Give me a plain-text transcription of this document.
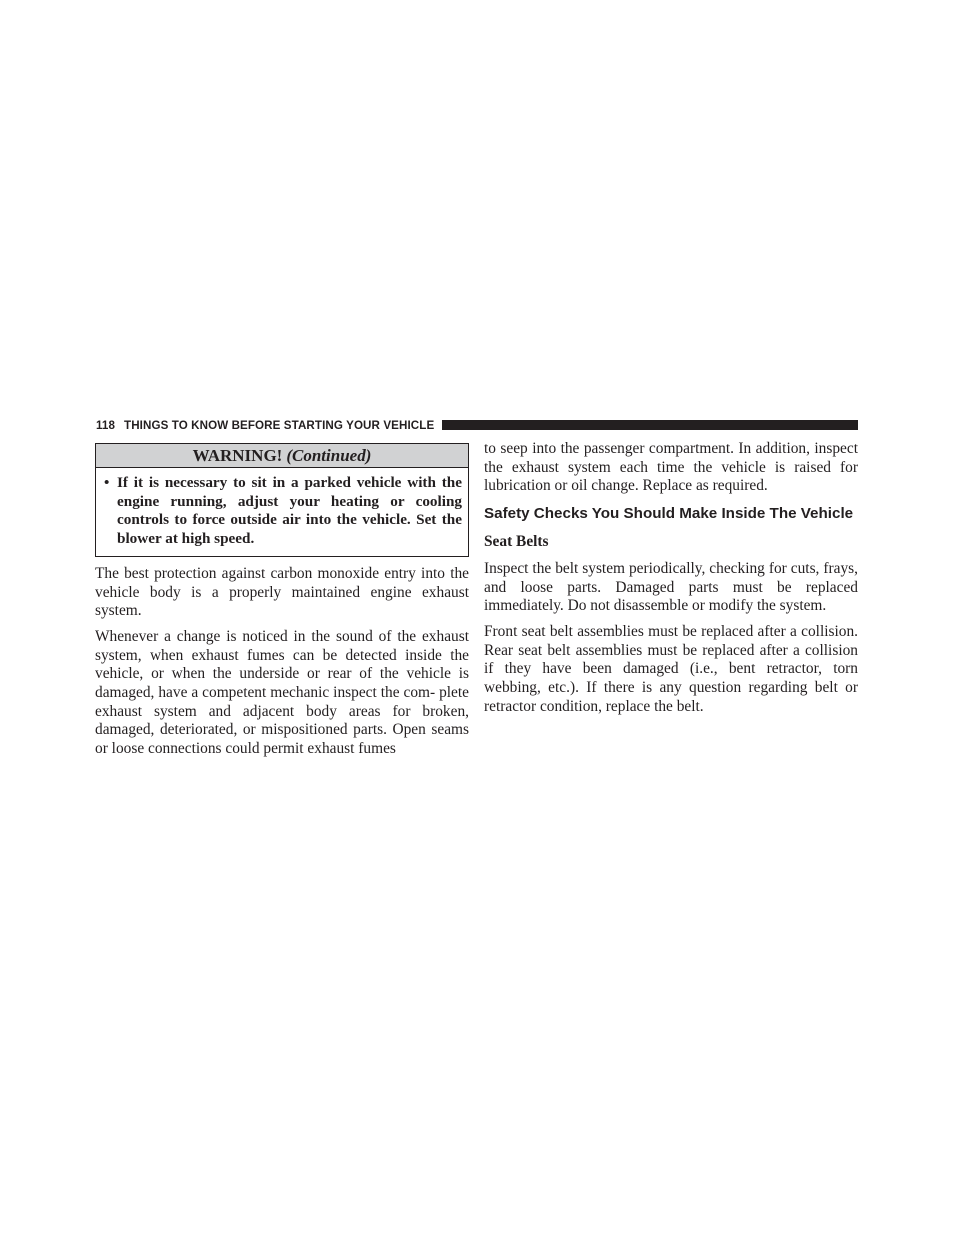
118 THINGS TO KNOW BEFORE STARTING YOUR VEHICLE
WARNING! (Continued)
• If it is necessary to sit in a parked vehicle with the engine running, adjust your heating or cooling controls to force outside air into the vehicle. Set the blower at high speed.

The best protection against carbon monoxide entry into the vehicle body is a properly maintained engine exhaust system.

Whenever a change is noticed in the sound of the exhaust system, when exhaust fumes can be detected inside the vehicle, or when the underside or rear of the vehicle is damaged, have a competent mechanic inspect the com- plete exhaust system and adjacent body areas for broken, damaged, deteriorated, or mispositioned parts. Open seams or loose connections could permit exhaust fumes

to seep into the passenger compartment. In addition, inspect the exhaust system each time the vehicle is raised for lubrication or oil change. Replace as required.

Safety Checks You Should Make Inside The Vehicle
Seat Belts

Inspect the belt system periodically, checking for cuts, frays, and loose parts. Damaged parts must be replaced immediately. Do not disassemble or modify the system.

Front seat belt assemblies must be replaced after a collision. Rear seat belt assemblies must be replaced after a collision if they have been damaged (i.e., bent retractor, torn webbing, etc.). If there is any question regarding belt or retractor condition, replace the belt.
